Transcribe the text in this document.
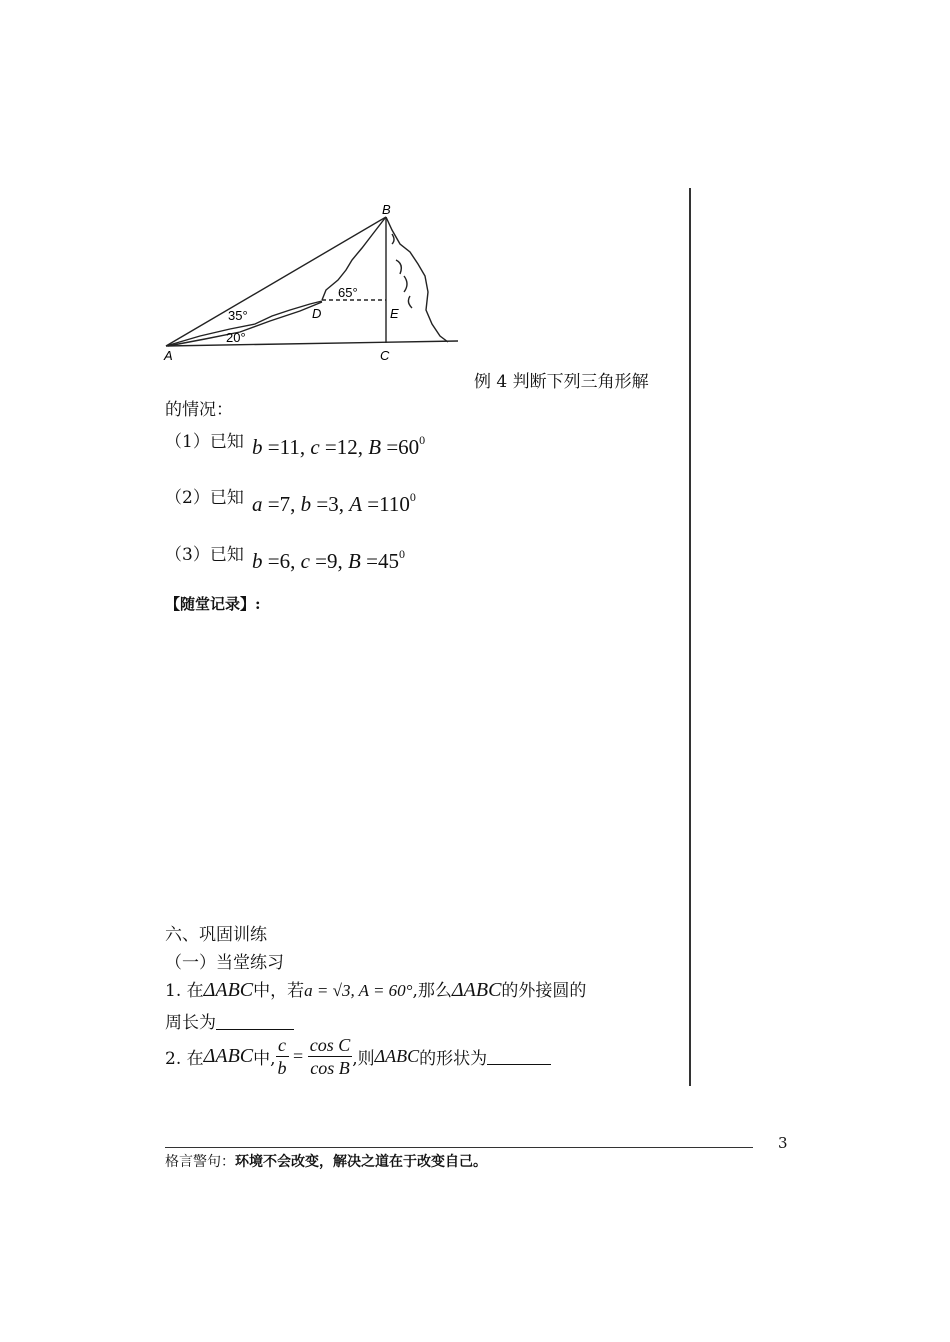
A
B
C
D	E
20°
35°
65°
例 4 判断下列三角形解
的情况：
（1）已知 b =11, c =12, $B =60^0$
（2）已知 a =7, b =3, $A =110^0$
（3）已知 b =6, c =9, $B =45^0$
【随堂记录】:
六、巩固训练
（一）当堂练习
1. 在ΔABC中，若a = √3, A = 60°,那么ΔABC的外接圆的
周长为
2. 在ΔABC中, $\frac{c}{b} = \frac{\text{cos C}}{\text{cos B}}$ ,则ΔABC的形状为
3
格言警句：环境不会改变，解决之道在于改变自己。
